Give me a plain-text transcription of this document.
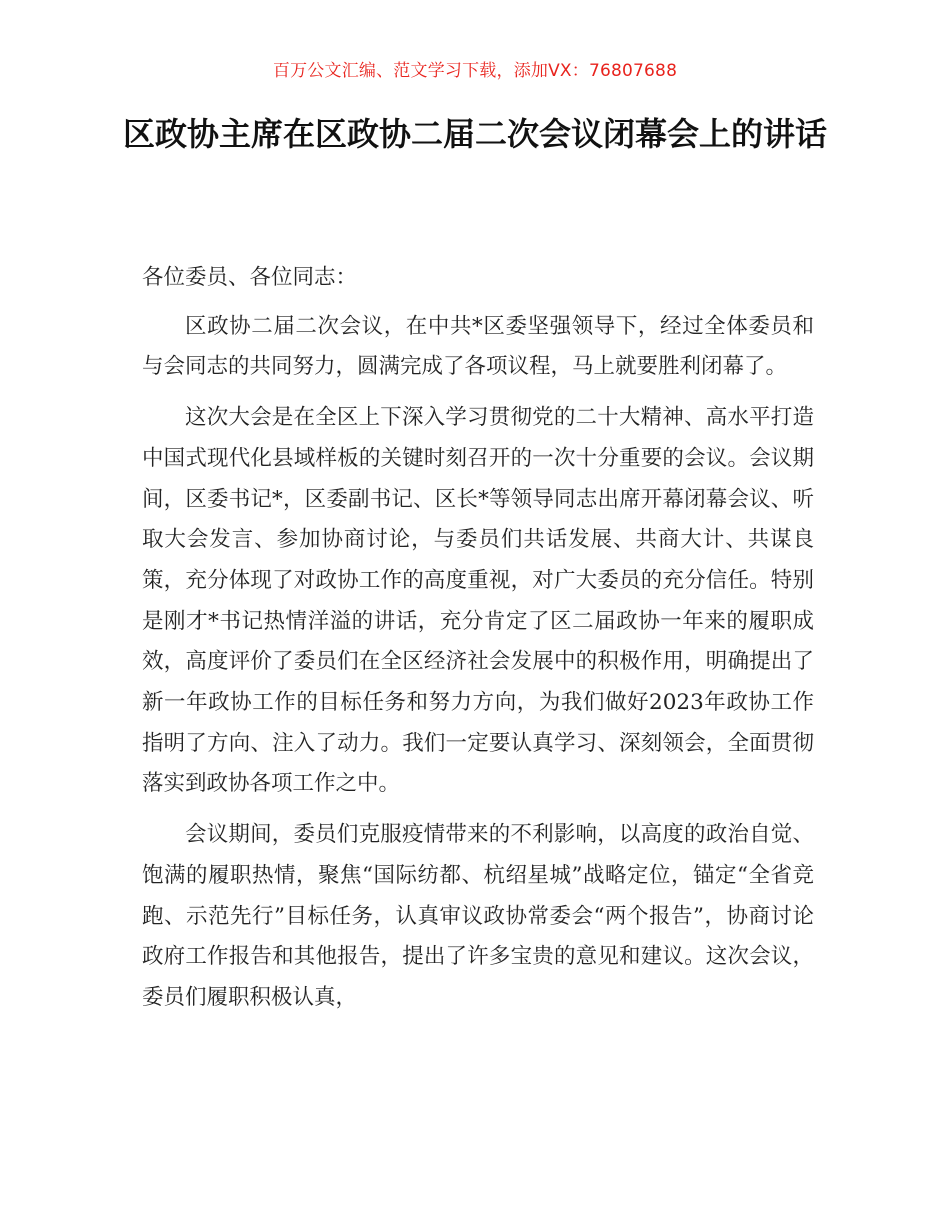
百万公文汇编、范文学习下载，添加VX：76807688
区政协主席在区政协二届二次会议闭幕会上的讲话

各位委员、各位同志：

区政协二届二次会议，在中共*区委坚强领导下，经过全体委员和与会同志的共同努力，圆满完成了各项议程，马上就要胜利闭幕了。

这次大会是在全区上下深入学习贯彻党的二十大精神、高水平打造中国式现代化县域样板的关键时刻召开的一次十分重要的会议。会议期间，区委书记*，区委副书记、区长*等领导同志出席开幕闭幕会议、听取大会发言、参加协商讨论，与委员们共话发展、共商大计、共谋良策，充分体现了对政协工作的高度重视，对广大委员的充分信任。特别是刚才*书记热情洋溢的讲话，充分肯定了区二届政协一年来的履职成效，高度评价了委员们在全区经济社会发展中的积极作用，明确提出了新一年政协工作的目标任务和努力方向，为我们做好2023年政协工作指明了方向、注入了动力。我们一定要认真学习、深刻领会，全面贯彻落实到政协各项工作之中。

会议期间，委员们克服疫情带来的不利影响，以高度的政治自觉、饱满的履职热情，聚焦“国际纺都、杭绍星城”战略定位，锚定“全省竞跑、示范先行”目标任务，认真审议政协常委会“两个报告”，协商讨论政府工作报告和其他报告，提出了许多宝贵的意见和建议。这次会议，委员们履职积极认真，
